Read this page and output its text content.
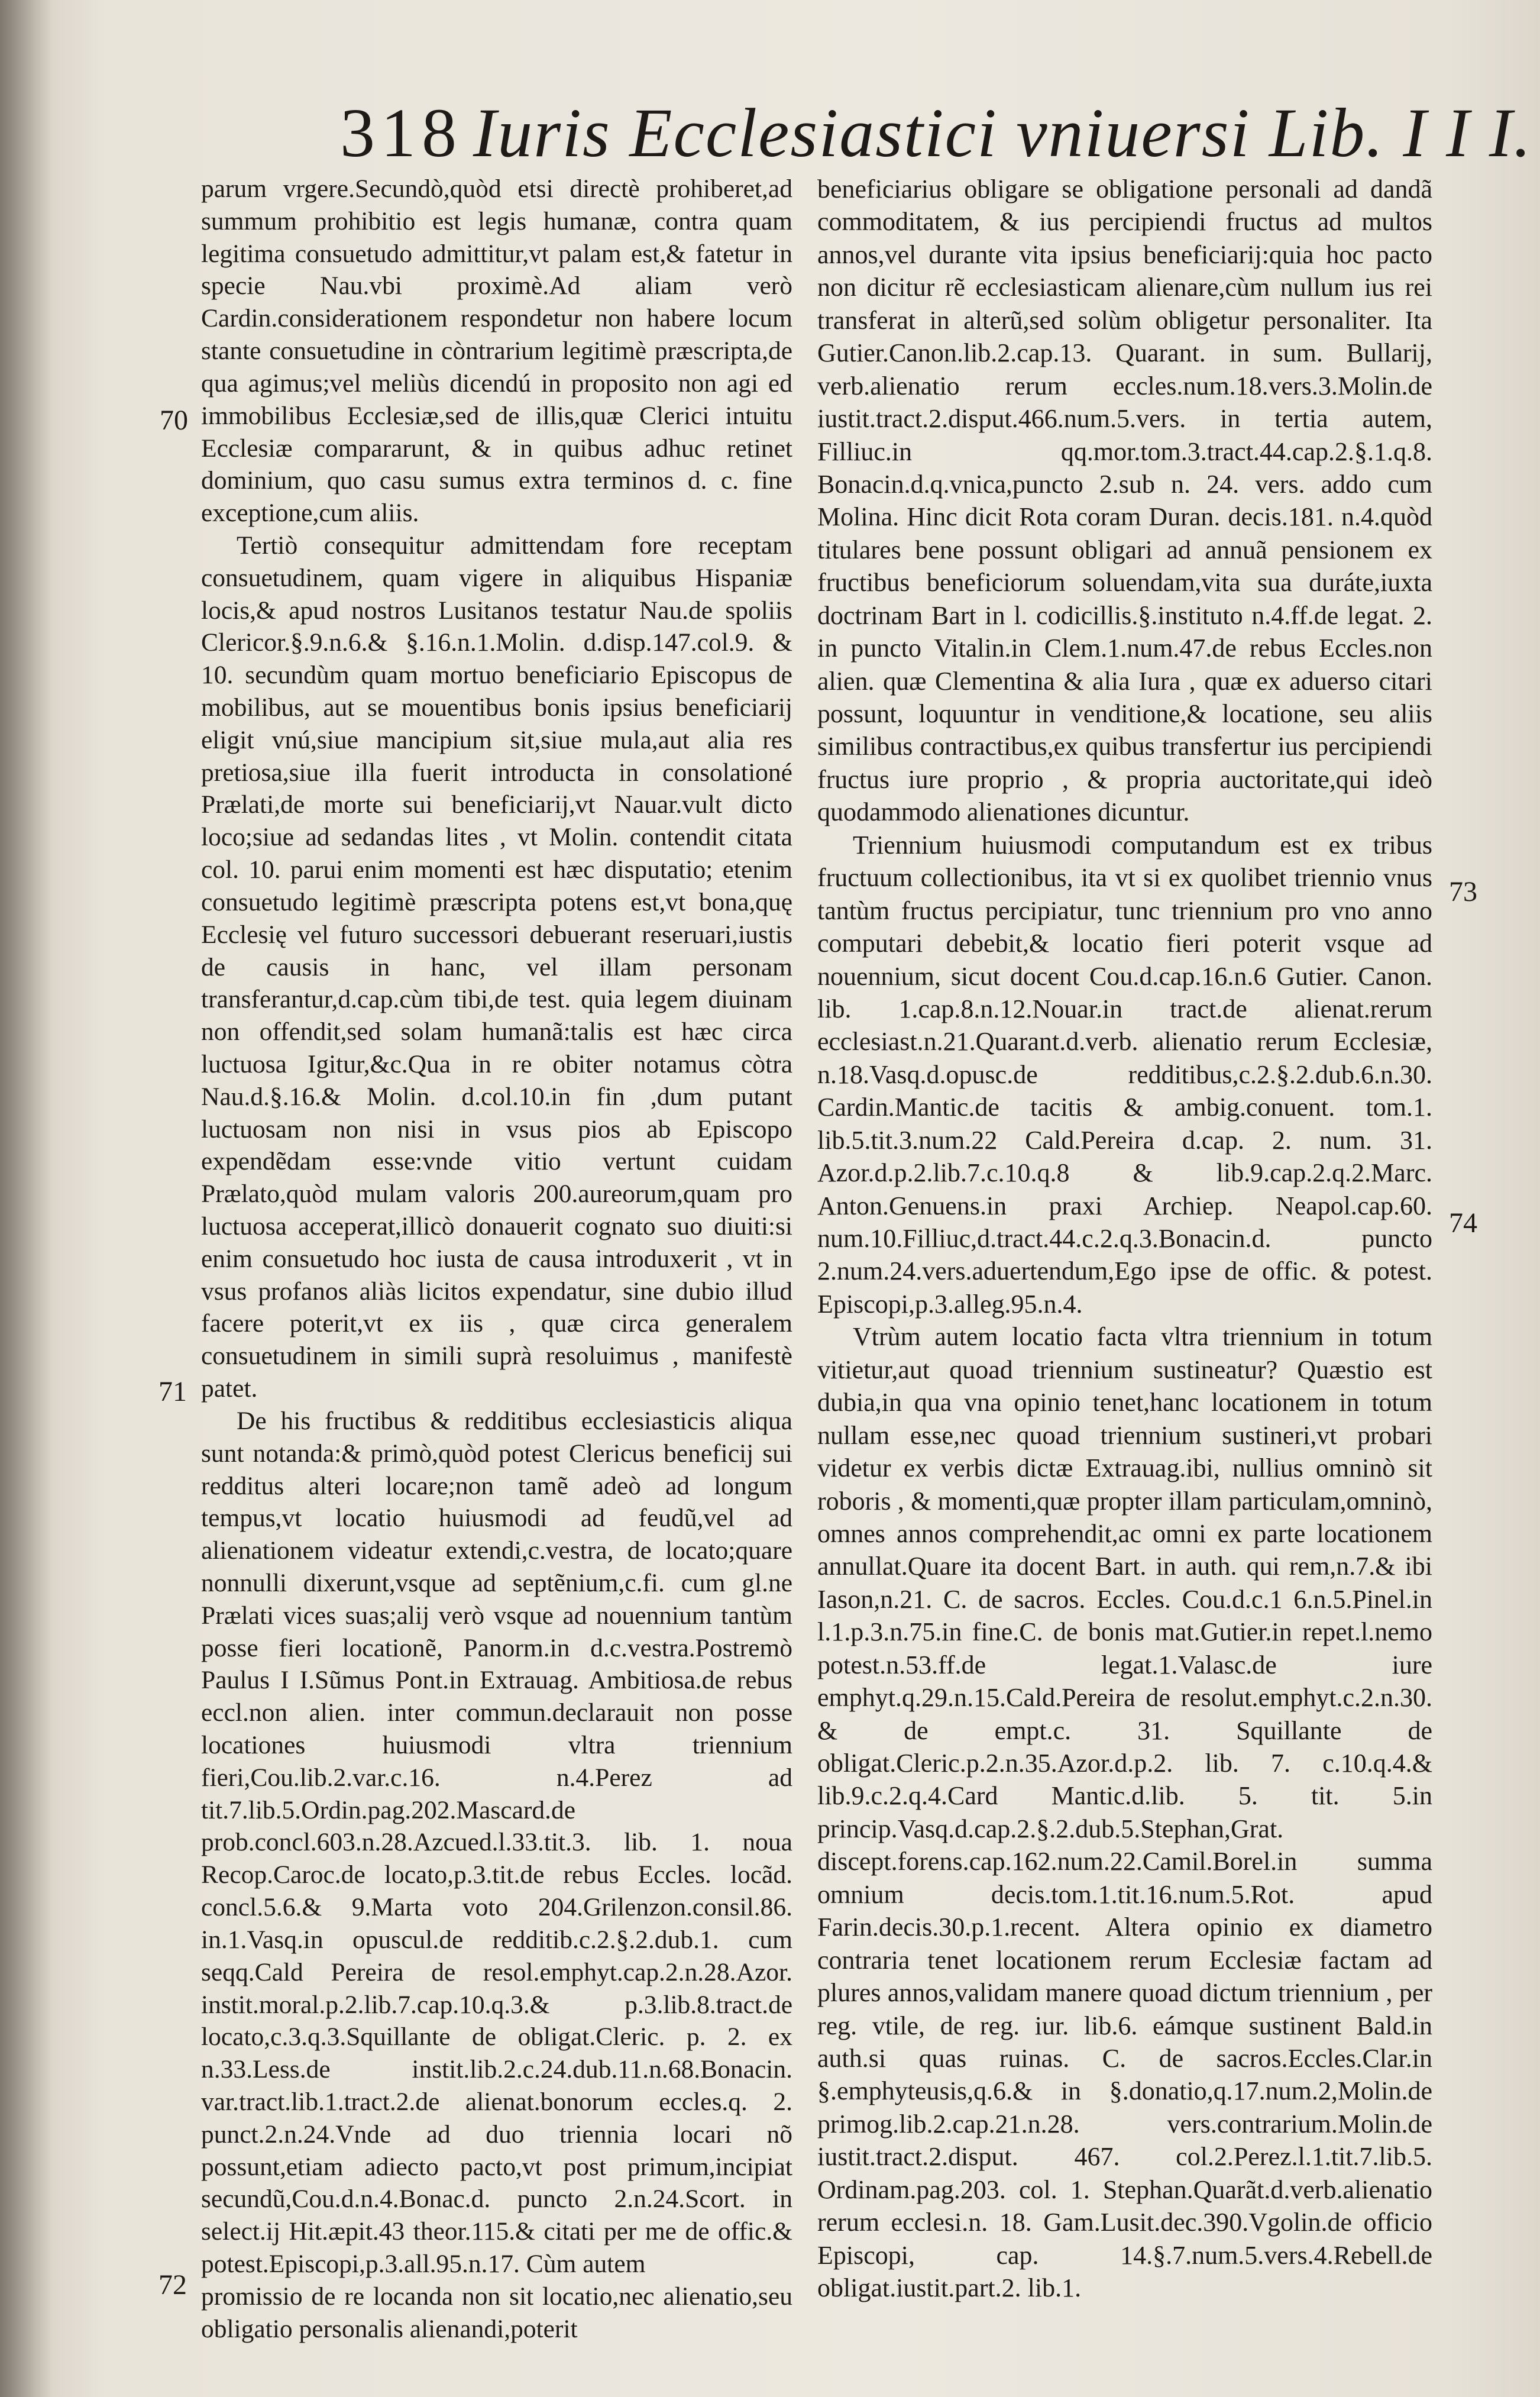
318 Iuris Ecclesiastici vniuersi Lib. I I I.
70
71
72
73
74

parum vrgere.Secundò,quòd etsi directè prohiberet,ad summum prohibitio est legis humanæ, contra quam legitima consuetudo admittitur,vt palam est,& fatetur in specie Nau.vbi proximè.Ad aliam verò Cardin.considerationem respondetur non habere locum stante consuetudine in còntrarium legitimè præscripta,de qua agimus;vel meliùs dicendú in proposito non agi ed immobilibus Ecclesiæ,sed de illis,quæ Clerici intuitu Ecclesiæ compararunt, & in quibus adhuc retinet dominium, quo casu sumus extra terminos d. c. fine exceptione,cum aliis.

Tertiò consequitur admittendam fore receptam consuetudinem, quam vigere in aliquibus Hispaniæ locis,& apud nostros Lusitanos testatur Nau.de spoliis Clericor.§.9.n.6.& §.16.n.1.Molin. d.disp.147.col.9. & 10. secundùm quam mortuo beneficiario Episcopus de mobilibus, aut se mouentibus bonis ipsius beneficiarij eligit vnú,siue mancipium sit,siue mula,aut alia res pretiosa,siue illa fuerit introducta in consolationé Prælati,de morte sui beneficiarij,vt Nauar.vult dicto loco;siue ad sedandas lites , vt Molin. contendit citata col. 10. parui enim momenti est hæc disputatio; etenim consuetudo legitimè præscripta potens est,vt bona,quę Ecclesię vel futuro successori debuerant reseruari,iustis de causis in hanc, vel illam personam transferantur,d.cap.cùm tibi,de test. quia legem diuinam non offendit,sed solam humanã:talis est hæc circa luctuosa Igitur,&c.Qua in re obiter notamus còtra Nau.d.§.16.& Molin. d.col.10.in fin ,dum putant luctuosam non nisi in vsus pios ab Episcopo expendẽdam esse:vnde vitio vertunt cuidam Prælato,quòd mulam valoris 200.aureorum,quam pro luctuosa acceperat,illicò donauerit cognato suo diuiti:si enim consuetudo hoc iusta de causa introduxerit , vt in vsus profanos aliàs licitos expendatur, sine dubio illud facere poterit,vt ex iis , quæ circa generalem consuetudinem in simili suprà resoluimus , manifestè patet.

De his fructibus & redditibus ecclesiasticis aliqua sunt notanda:& primò,quòd potest Clericus beneficij sui redditus alteri locare;non tamẽ adeò ad longum tempus,vt locatio huiusmodi ad feudũ,vel ad alienationem videatur extendi,c.vestra, de locato;quare nonnulli dixerunt,vsque ad septẽnium,c.fi. cum gl.ne Prælati vices suas;alij verò vsque ad nouennium tantùm posse fieri locationẽ, Panorm.in d.c.vestra.Postremò Paulus I I.Sũmus Pont.in Extrauag. Ambitiosa.de rebus eccl.non alien. inter commun.declarauit non posse locationes huiusmodi vltra triennium fieri,Cou.lib.2.var.c.16. n.4.Perez ad tit.7.lib.5.Ordin.pag.202.Mascard.de prob.concl.603.n.28.Azcued.l.33.tit.3. lib. 1. noua Recop.Caroc.de locato,p.3.tit.de rebus Eccles. locãd. concl.5.6.& 9.Marta voto 204.Grilenzon.consil.86. in.1.Vasq.in opuscul.de redditib.c.2.§.2.dub.1. cum seqq.Cald Pereira de resol.emphyt.cap.2.n.28.Azor. instit.moral.p.2.lib.7.cap.10.q.3.& p.3.lib.8.tract.de locato,c.3.q.3.Squillante de obligat.Cleric. p. 2. ex n.33.Less.de instit.lib.2.c.24.dub.11.n.68.Bonacin. var.tract.lib.1.tract.2.de alienat.bonorum eccles.q. 2. punct.2.n.24.Vnde ad duo triennia locari nõ possunt,etiam adiecto pacto,vt post primum,incipiat secundũ,Cou.d.n.4.Bonac.d. puncto 2.n.24.Scort. in select.ij Hit.æpit.43 theor.115.& citati per me de offic.& potest.Episcopi,p.3.all.95.n.17. Cùm autem

promissio de re locanda non sit locatio,nec alienatio,seu obligatio personalis alienandi,poterit

beneficiarius obligare se obligatione personali ad dandã commoditatem, & ius percipiendi fructus ad multos annos,vel durante vita ipsius beneficiarij:quia hoc pacto non dicitur rẽ ecclesiasticam alienare,cùm nullum ius rei transferat in alterũ,sed solùm obligetur personaliter. Ita Gutier.Canon.lib.2.cap.13. Quarant. in sum. Bullarij, verb.alienatio rerum eccles.num.18.vers.3.Molin.de iustit.tract.2.disput.466.num.5.vers. in tertia autem, Filliuc.in qq.mor.tom.3.tract.44.cap.2.§.1.q.8. Bonacin.d.q.vnica,puncto 2.sub n. 24. vers. addo cum Molina. Hinc dicit Rota coram Duran. decis.181. n.4.quòd titulares bene possunt obligari ad annuã pensionem ex fructibus beneficiorum soluendam,vita sua duráte,iuxta doctrinam Bart in l. codicillis.§.instituto n.4.ff.de legat. 2. in puncto Vitalin.in Clem.1.num.47.de rebus Eccles.non alien. quæ Clementina & alia Iura , quæ ex aduerso citari possunt, loquuntur in venditione,& locatione, seu aliis similibus contractibus,ex quibus transfertur ius percipiendi fructus iure proprio , & propria auctoritate,qui ideò quodammodo alienationes dicuntur.

Triennium huiusmodi computandum est ex tribus fructuum collectionibus, ita vt si ex quolibet triennio vnus tantùm fructus percipiatur, tunc triennium pro vno anno computari debebit,& locatio fieri poterit vsque ad nouennium, sicut docent Cou.d.cap.16.n.6 Gutier. Canon. lib. 1.cap.8.n.12.Nouar.in tract.de alienat.rerum ecclesiast.n.21.Quarant.d.verb. alienatio rerum Ecclesiæ, n.18.Vasq.d.opusc.de redditibus,c.2.§.2.dub.6.n.30. Cardin.Mantic.de tacitis & ambig.conuent. tom.1. lib.5.tit.3.num.22 Cald.Pereira d.cap. 2. num. 31. Azor.d.p.2.lib.7.c.10.q.8 & lib.9.cap.2.q.2.Marc. Anton.Genuens.in praxi Archiep. Neapol.cap.60. num.10.Filliuc,d.tract.44.c.2.q.3.Bonacin.d. puncto 2.num.24.vers.aduertendum,Ego ipse de offic. & potest. Episcopi,p.3.alleg.95.n.4.

Vtrùm autem locatio facta vltra triennium in totum vitietur,aut quoad triennium sustineatur? Quæstio est dubia,in qua vna opinio tenet,hanc locationem in totum nullam esse,nec quoad triennium sustineri,vt probari videtur ex verbis dictæ Extrauag.ibi, nullius omninò sit roboris , & momenti,quæ propter illam particulam,omninò, omnes annos comprehendit,ac omni ex parte locationem annullat.Quare ita docent Bart. in auth. qui rem,n.7.& ibi Iason,n.21. C. de sacros. Eccles. Cou.d.c.1 6.n.5.Pinel.in l.1.p.3.n.75.in fine.C. de bonis mat.Gutier.in repet.l.nemo potest.n.53.ff.de legat.1.Valasc.de iure emphyt.q.29.n.15.Cald.Pereira de resolut.emphyt.c.2.n.30. & de empt.c. 31. Squillante de obligat.Cleric.p.2.n.35.Azor.d.p.2. lib. 7. c.10.q.4.& lib.9.c.2.q.4.Card Mantic.d.lib. 5. tit. 5.in princip.Vasq.d.cap.2.§.2.dub.5.Stephan,Grat. discept.forens.cap.162.num.22.Camil.Borel.in summa omnium decis.tom.1.tit.16.num.5.Rot. apud Farin.decis.30.p.1.recent. Altera opinio ex diametro contraria tenet locationem rerum Ecclesiæ factam ad plures annos,validam manere quoad dictum triennium , per reg. vtile, de reg. iur. lib.6. eámque sustinent Bald.in auth.si quas ruinas. C. de sacros.Eccles.Clar.in §.emphyteusis,q.6.& in §.donatio,q.17.num.2,Molin.de primog.lib.2.cap.21.n.28. vers.contrarium.Molin.de iustit.tract.2.disput. 467. col.2.Perez.l.1.tit.7.lib.5. Ordinam.pag.203. col. 1. Stephan.Quarãt.d.verb.alienatio rerum ecclesi.n. 18. Gam.Lusit.dec.390.Vgolin.de officio Episcopi, cap. 14.§.7.num.5.vers.4.Rebell.de obligat.iustit.part.2. lib.1.
